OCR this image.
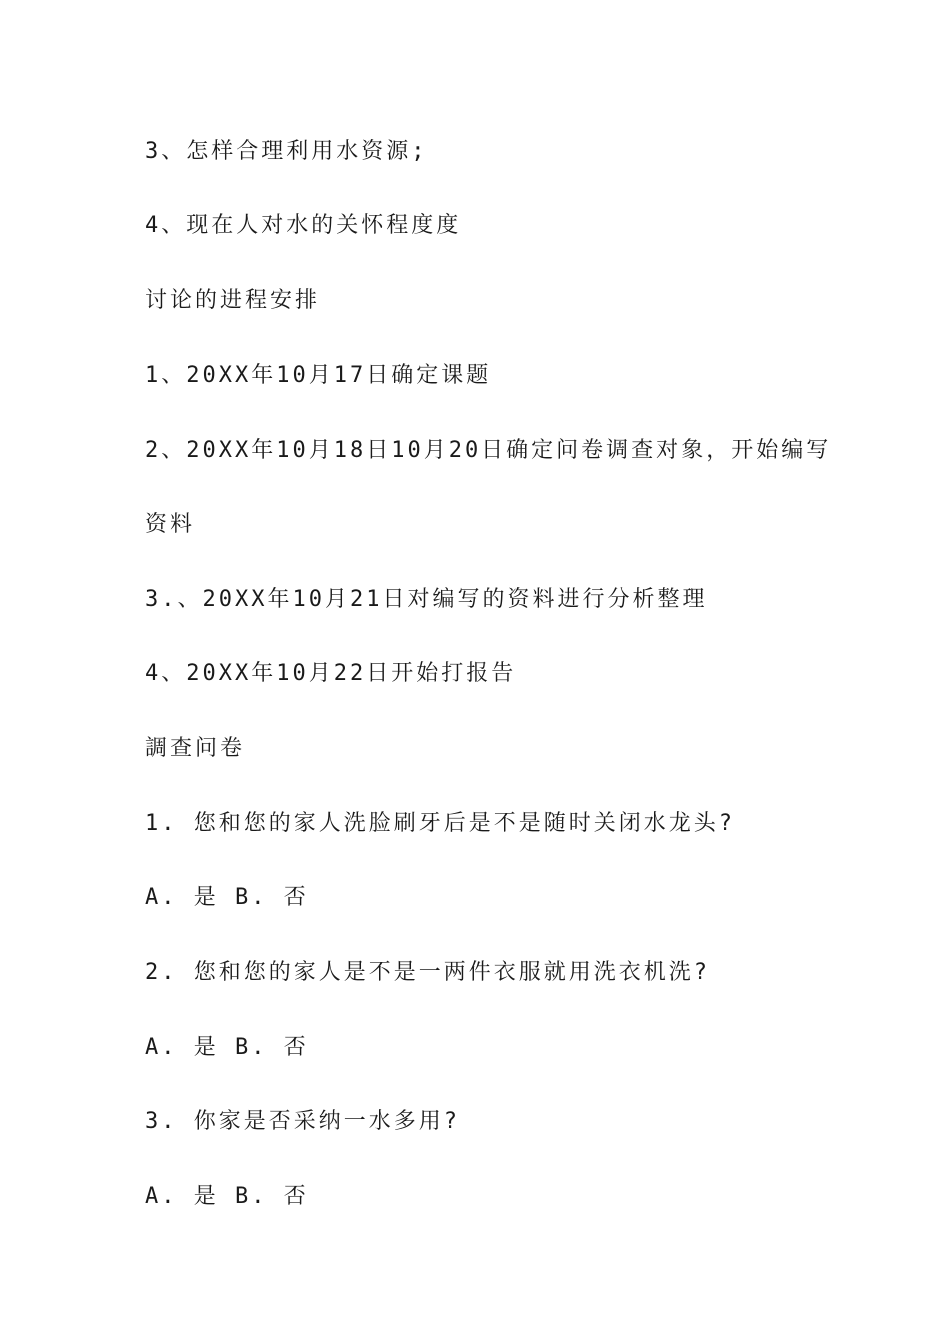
3、怎样合理利用水资源;
4、现在人对水的关怀程度度
讨论的进程安排
1、20XX年10月17日确定课题
2、20XX年10月18日10月20日确定问卷调查对象，开始编写
资料
3.、20XX年10月21日对编写的资料进行分析整理
4、20XX年10月22日开始打报告
調查问卷
1. 您和您的家人洗脸刷牙后是不是随时关闭水龙头?
A. 是 B. 否
2. 您和您的家人是不是一两件衣服就用洗衣机洗?
A. 是 B. 否
3. 你家是否采纳一水多用?
A. 是 B. 否
